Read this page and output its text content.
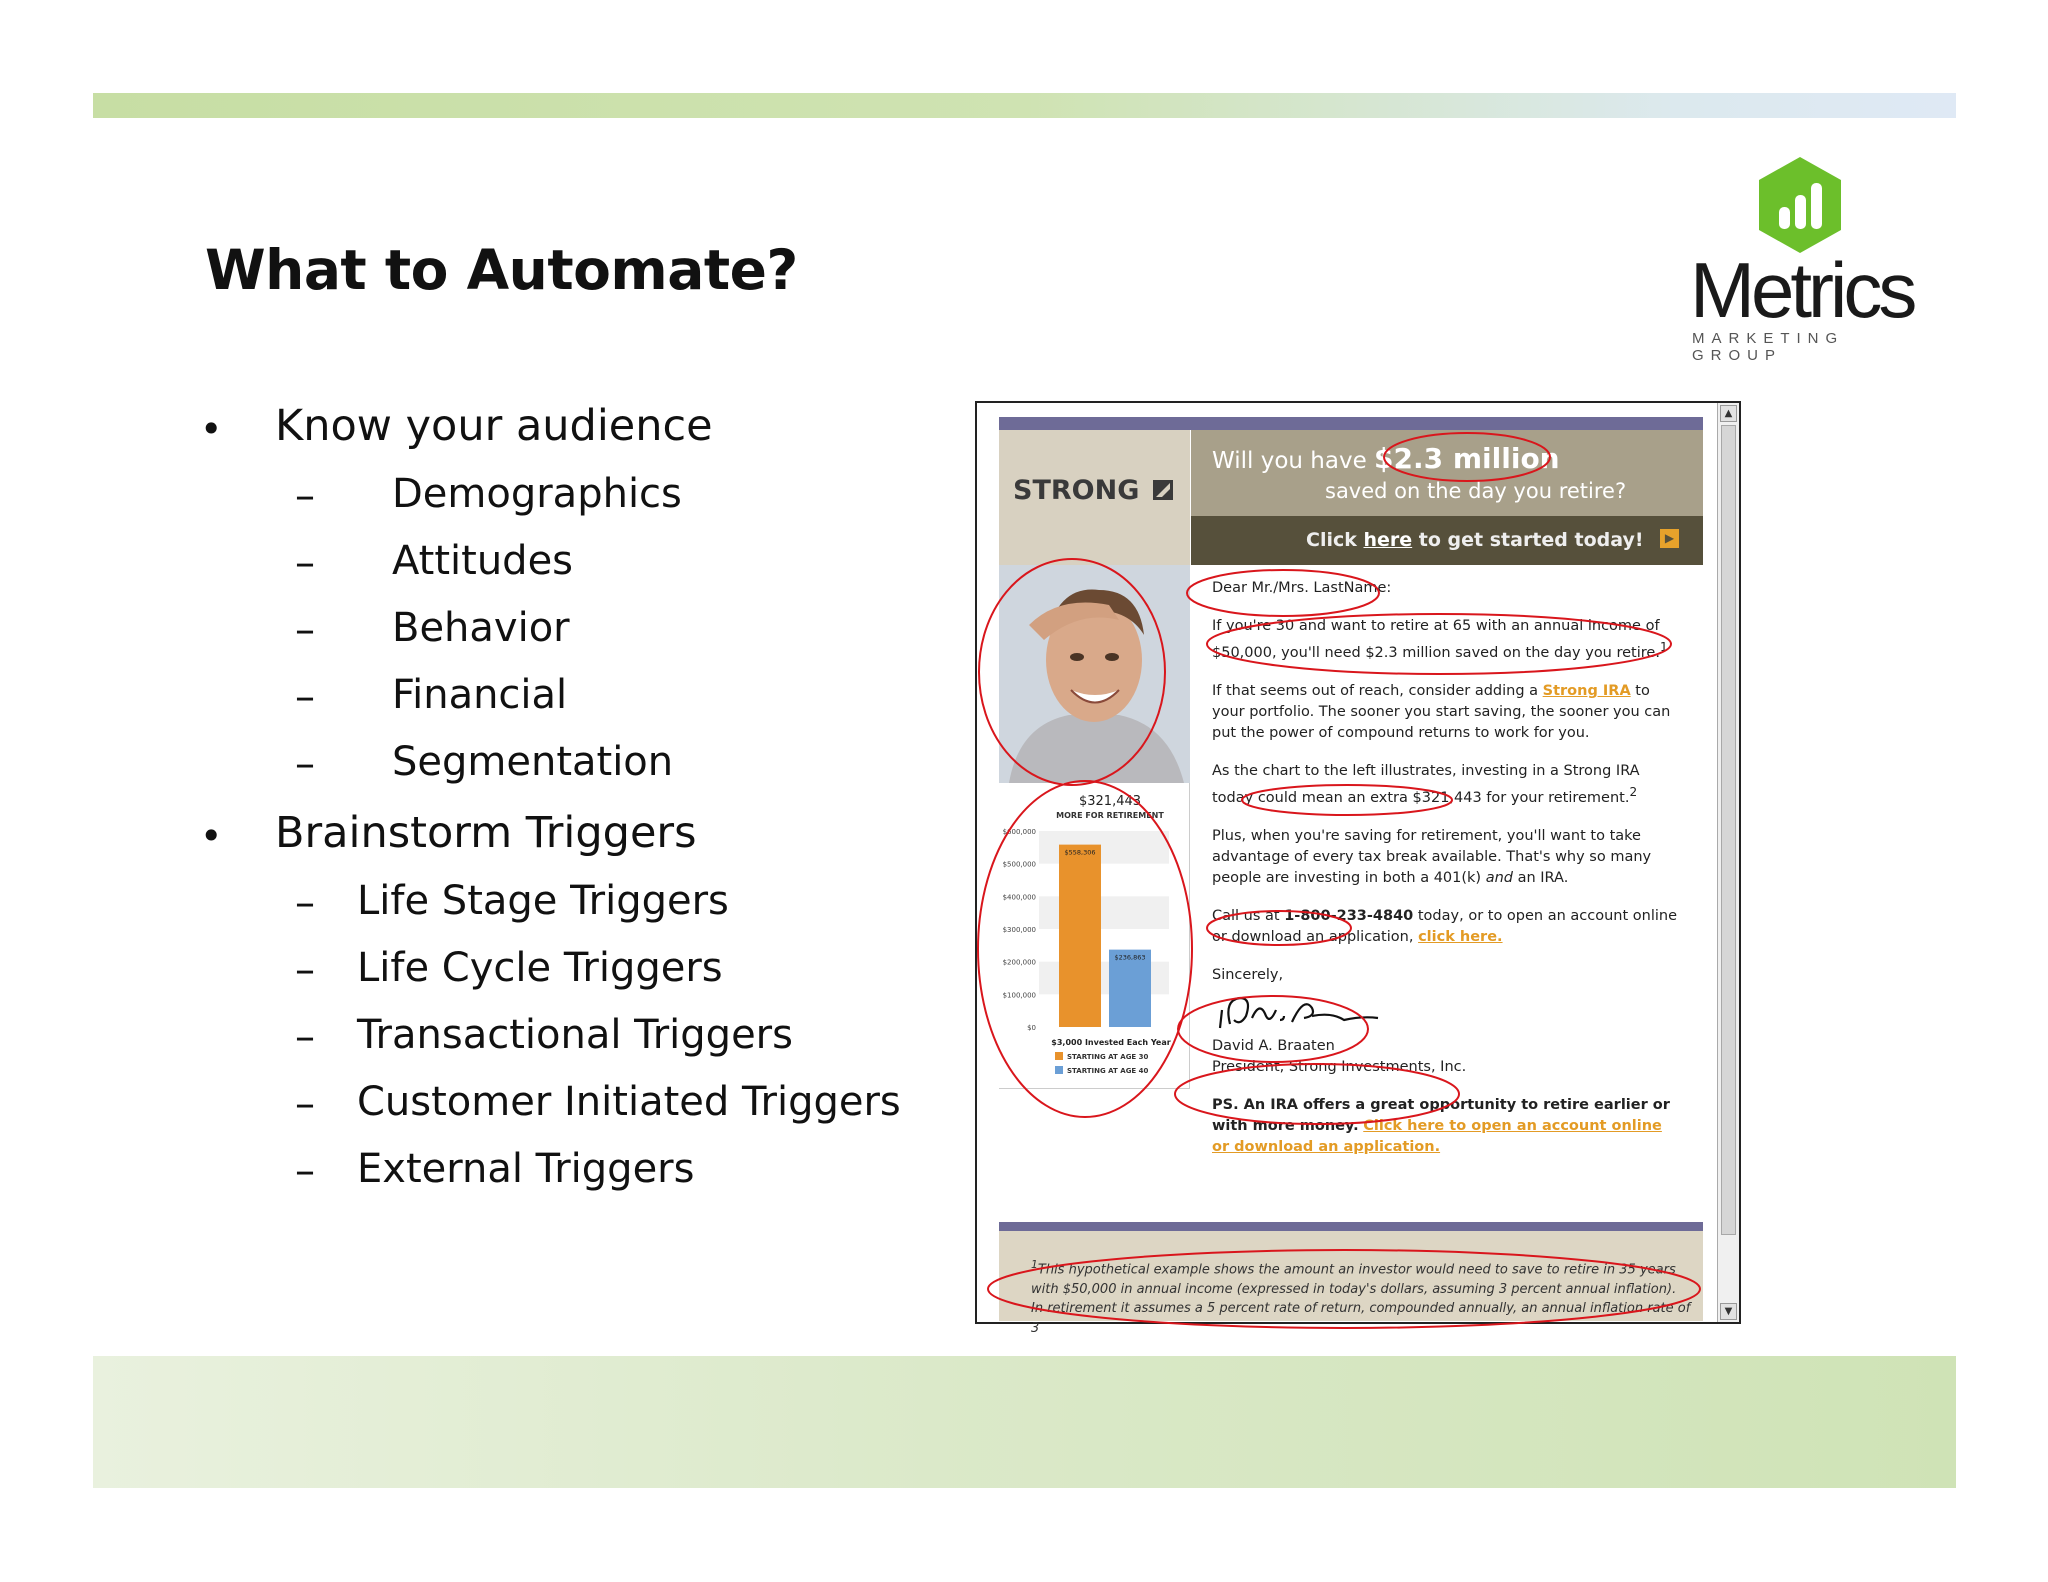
What to Automate?	Metrics
MARKETING GROUP
• Know your audience
– Demographics
– Attitudes
– Behavior
– Financial
– Segmentation
• Brainstorm Triggers
– Life Stage Triggers
– Life Cycle Triggers
– Transactional Triggers
– Customer Initiated Triggers
– External Triggers
STRONG
Will you have $2.3 million
saved on the day you retire?
Click here to get started today!	▶
$321,443
MORE FOR RETIREMENT
$600,000
$500,000
$400,000
$300,000
$200,000
$100,000
$0
$558,306
$236,863
$3,000 Invested Each Year
STARTING AT AGE 30
STARTING AT AGE 40

Dear Mr./Mrs. LastName:

If you're 30 and want to retire at 65 with an annual income of $50,000, you'll need $2.3 million saved on the day you retire.$^1$

If that seems out of reach, consider adding a Strong IRA to your portfolio. The sooner you start saving, the sooner you can put the power of compound returns to work for you.

As the chart to the left illustrates, investing in a Strong IRA today could mean an extra $321,443 for your retirement.$^2$

Plus, when you're saving for retirement, you'll want to take advantage of every tax break available. That's why so many people are investing in both a 401(k) and an IRA.

Call us at 1-800-233-4840 today, or to open an account online or download an application, click here.

Sincerely,

David A. Braaten
President, Strong Investments, Inc.

PS. An IRA offers a great opportunity to retire earlier or with more money. Click here to open an account online or download an application.

$^1$This hypothetical example shows the amount an investor would need to save to retire in 35 years with $50,000 in annual income (expressed in today's dollars, assuming 3 percent annual inflation). In retirement it assumes a 5 percent rate of return, compounded annually, an annual inflation rate of 3
▲
▼
